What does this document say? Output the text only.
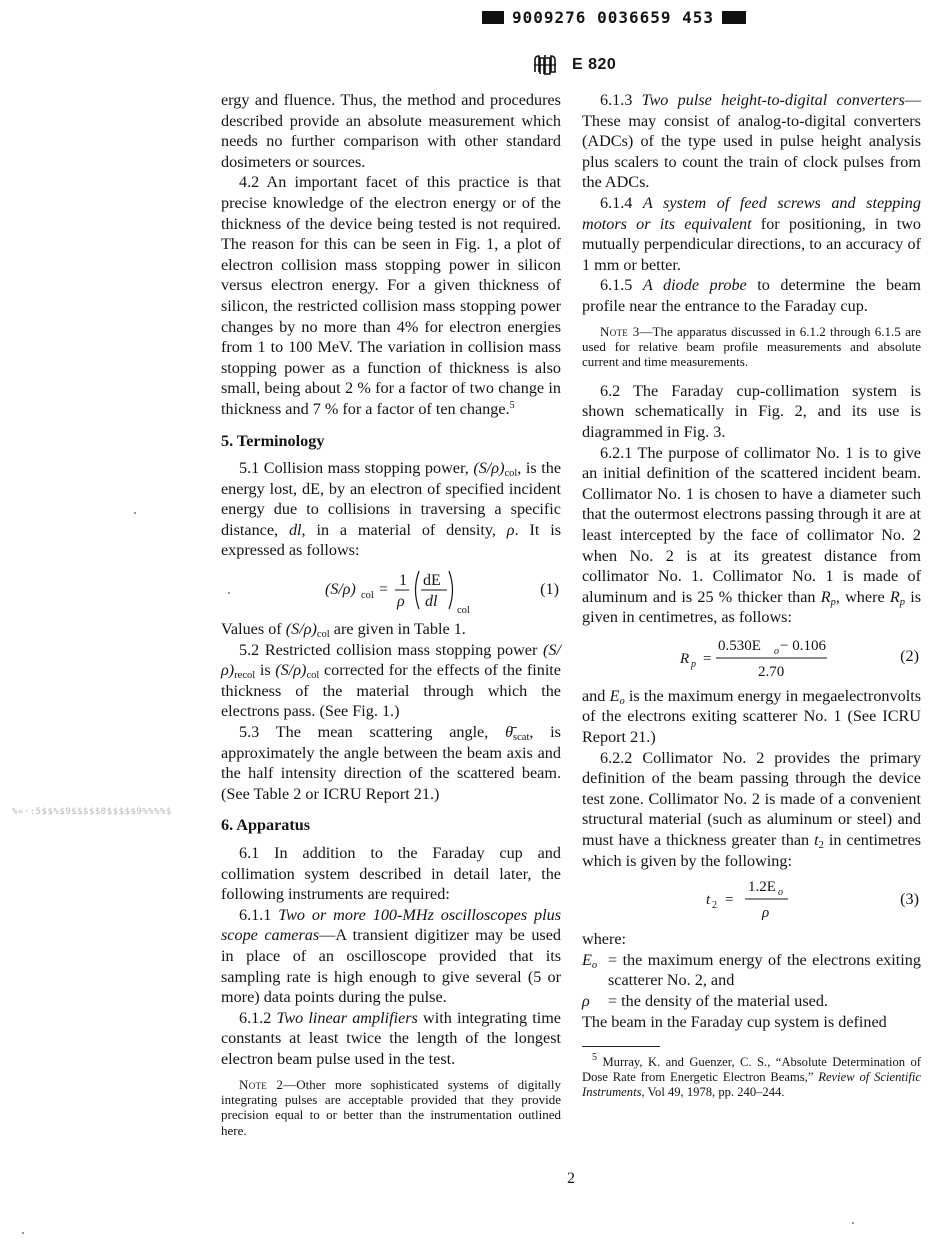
9009276 0036659 453
E 820

ergy and fluence. Thus, the method and procedures described provide an absolute measurement which needs no further comparison with other standard dosimeters or sources.

4.2 An important facet of this practice is that precise knowledge of the electron energy or of the thickness of the device being tested is not required. The reason for this can be seen in Fig. 1, a plot of electron collision mass stopping power in silicon versus electron energy. For a given thickness of silicon, the restricted collision mass stopping power changes by no more than 4% for electron energies from 1 to 100 MeV. The variation in collision mass stopping power as a function of thickness is also small, being about 2 % for a factor of two change in thickness and 7 % for a factor of ten change.$^5$

5. Terminology

5.1 Collision mass stopping power, $(S/\rho)_{col}$, is the energy lost, dE, by an electron of specified incident energy due to collisions in traversing a specific distance, dl, in a material of density, ρ. It is expressed as follows:

(S/ρ) col =
1
ρ
dE
dl
col
(1)

Values of $(S/\rho)_{col}$ are given in Table 1.

5.2 Restricted collision mass stopping power $(S/\rho)_{recol}$ is $(S/\rho)_{col}$ corrected for the effects of the finite thickness of the material through which the electrons pass. (See Fig. 1.)

5.3 The mean scattering angle, $\thetā_{scat}$, is approximately the angle between the beam axis and the half intensity direction of the scattered beam. (See Table 2 or ICRU Report 21.)

6. Apparatus

6.1 In addition to the Faraday cup and collimation system described in detail later, the following instruments are required:

6.1.1 Two or more 100-MHz oscilloscopes plus scope cameras—A transient digitizer may be used in place of an oscilloscope provided that its sampling rate is high enough to give several (5 or more) data points during the pulse.

6.1.2 Two linear amplifiers with integrating time constants at least twice the length of the longest electron beam pulse used in the test.

Note 2—Other more sophisticated systems of digitally integrating pulses are acceptable provided that they provide precision equal to or better than the instrumentation outlined here.

6.1.3 Two pulse height-to-digital converters—These may consist of analog-to-digital converters (ADCs) of the type used in pulse height analysis plus scalers to count the train of clock pulses from the ADCs.

6.1.4 A system of feed screws and stepping motors or its equivalent for positioning, in two mutually perpendicular directions, to an accuracy of 1 mm or better.

6.1.5 A diode probe to determine the beam profile near the entrance to the Faraday cup.

Note 3—The apparatus discussed in 6.1.2 through 6.1.5 are used for relative beam profile measurements and absolute current and time measurements.

6.2 The Faraday cup-collimation system is shown schematically in Fig. 2, and its use is diagrammed in Fig. 3.

6.2.1 The purpose of collimator No. 1 is to give an initial definition of the scattered incident beam. Collimator No. 1 is chosen to have a diameter such that the outermost electrons passing through it are at least intercepted by the face of collimator No. 2 when No. 2 is at its greatest distance from collimator No. 1. Collimator No. 1 is made of aluminum and is 25 % thicker than $R_p$, where $R_p$ is given in centimetres, as follows:

R p =
0.530E o − 0.106
2.70
(2)

and $E_o$ is the maximum energy in megaelectronvolts of the electrons exiting scatterer No. 1 (See ICRU Report 21.)

6.2.2 Collimator No. 2 provides the primary definition of the beam passing through the device test zone. Collimator No. 2 is made of a convenient structural material (such as aluminum or steel) and must have a thickness greater than $t_2$ in centimetres which is given by the following:

t 2 =
1.2E o
ρ
(3)

where:

$E_o$ = the maximum energy of the electrons exiting scatterer No. 2, and
ρ	= the density of the material used.

The beam in the Faraday cup system is defined

$^5$ Murray, K. and Guenzer, C. S., “Absolute Determination of Dose Rate from Energetic Electron Beams,” Review of Scientific Instruments, Vol 49, 1978, pp. 240–244.

2
%«·:5$$%$9$$$$$0$$$$$9%%%%$
